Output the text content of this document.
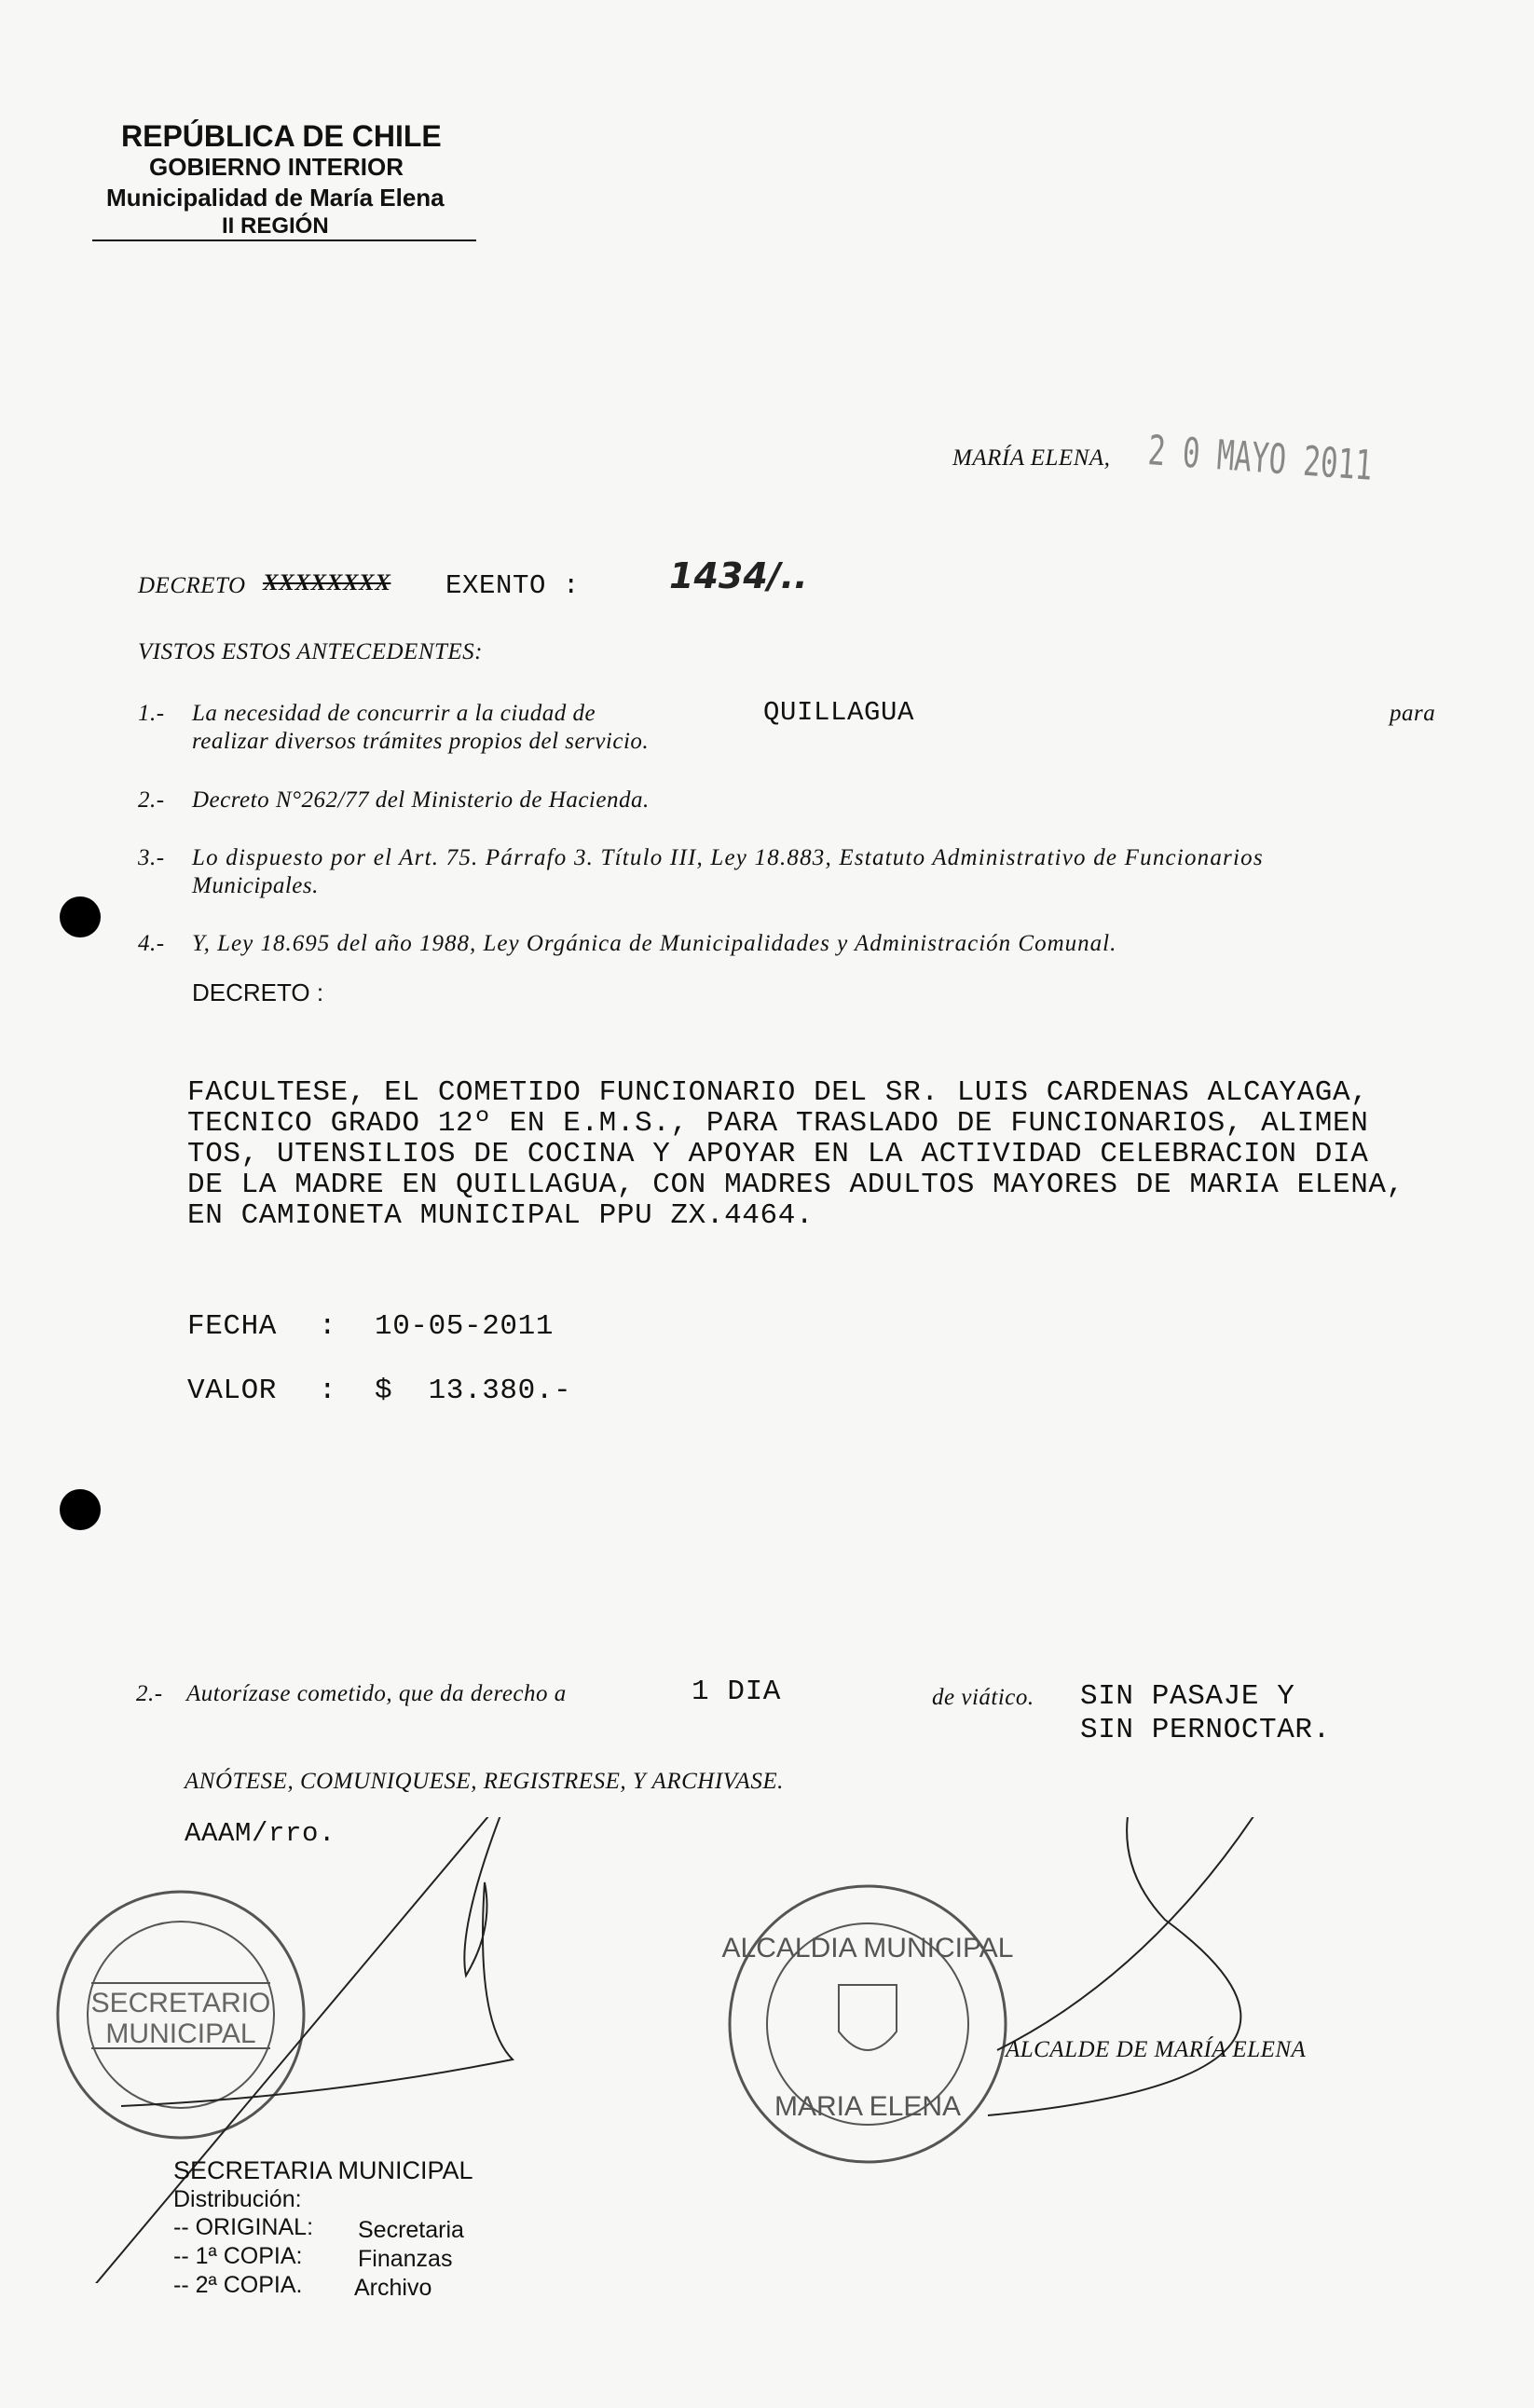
REPÚBLICA DE CHILE
GOBIERNO INTERIOR
Municipalidad de María Elena
II REGIÓN
MARÍA ELENA, 2 0 MAYO 2011
DECRETO XXXXXXXX EXENTO :	1434/..
VISTOS ESTOS ANTECEDENTES:
1.- La necesidad de concurrir a la ciudad de	QUILLAGUA	para
realizar diversos trámites propios del servicio.
2.- Decreto N°262/77 del Ministerio de Hacienda.
3.- Lo dispuesto por el Art. 75. Párrafo 3. Título III, Ley 18.883, Estatuto Administrativo de Funcionarios
Municipales.
4.- Y, Ley 18.695 del año 1988, Ley Orgánica de Municipalidades y Administración Comunal.
DECRETO :
FACULTESE, EL COMETIDO FUNCIONARIO DEL SR. LUIS CARDENAS ALCAYAGA,
TECNICO GRADO 12º EN E.M.S., PARA TRASLADO DE FUNCIONARIOS, ALIMEN
TOS, UTENSILIOS DE COCINA Y APOYAR EN LA ACTIVIDAD CELEBRACION DIA
DE LA MADRE EN QUILLAGUA, CON MADRES ADULTOS MAYORES DE MARIA ELENA,
EN CAMIONETA MUNICIPAL PPU ZX.4464.
FECHA : 10-05-2011
VALOR : $  13.380.-
2.- Autorízase cometido, que da derecho a	1 DIA	de viático. SIN PASAJE Y
SIN PERNOCTAR.
ANÓTESE, COMUNIQUESE, REGISTRESE, Y ARCHIVASE.
AAAM/rro.
SECRETARIO
MUNICIPAL
ALCALDIA MUNICIPAL
MARIA ELENA
ALCALDE DE MARÍA ELENA
SECRETARIA MUNICIPAL
Distribución:
-- ORIGINAL: Secretaria
-- 1ª COPIA: Finanzas
-- 2ª COPIA. Archivo
